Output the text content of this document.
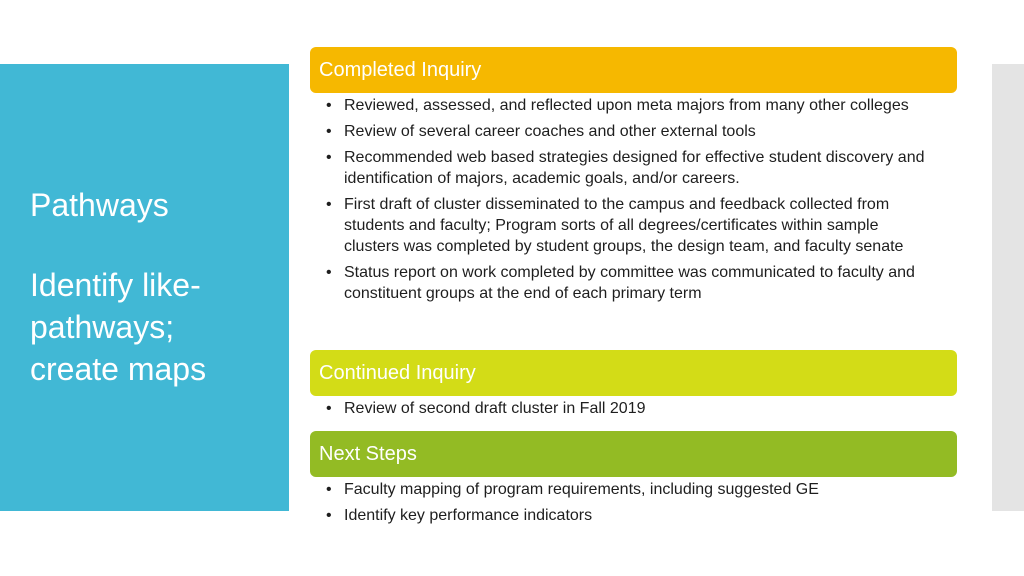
Pathways
Identify like-
pathways;
create maps
Completed Inquiry
• Reviewed, assessed, and reflected upon meta majors from many other colleges
• Review of several career coaches and other external tools
• Recommended web based strategies designed for effective student discovery and identification of majors, academic goals, and/or careers.
• First draft of cluster disseminated to the campus and feedback collected from students and faculty; Program sorts of all degrees/certificates within sample clusters was completed by student groups, the design team, and faculty senate
• Status report on work completed by committee was communicated to faculty and constituent groups at the end of each primary term
Continued Inquiry
• Review of second draft cluster in Fall 2019
Next Steps
• Faculty mapping of program requirements, including suggested GE
• Identify key performance indicators
